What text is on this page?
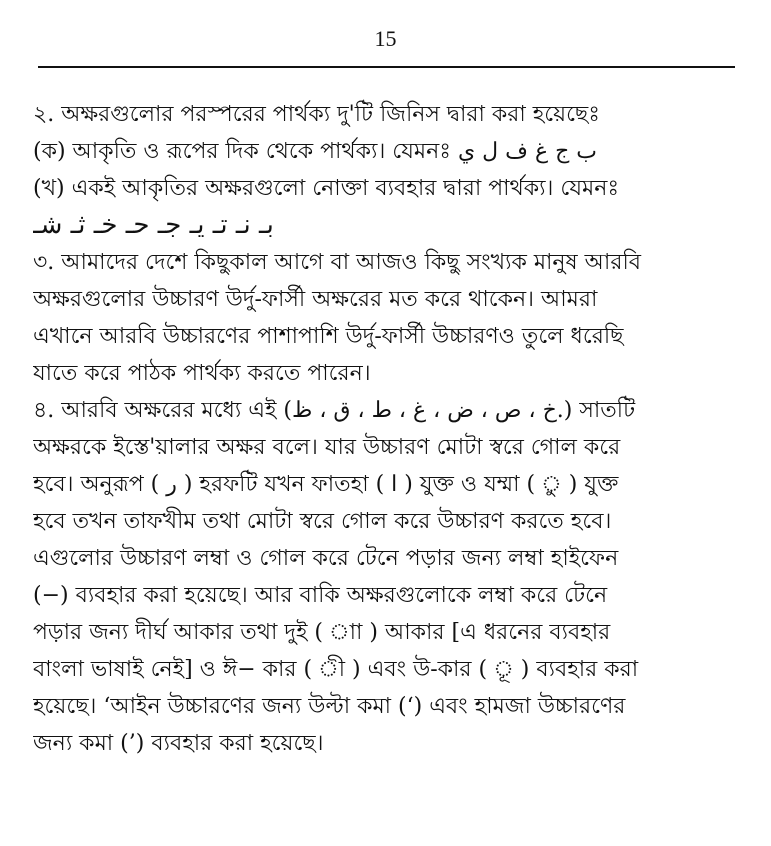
15
২. অক্ষরগুলোর পরস্পরের পার্থক্য দু'টি জিনিস দ্বারা করা হয়েছেঃ
(ক) আকৃতি ও রূপের দিক থেকে পার্থক্য। যেমনঃ ب ج غ ف ل ي
(খ) একই আকৃতির অক্ষরগুলো নোক্তা ব্যবহার দ্বারা পার্থক্য। যেমনঃ
بـ نـ تـ يـ جـ حـ خـ ثـ شـ
৩. আমাদের দেশে কিছুকাল আগে বা আজও কিছু সংখ্যক মানুষ আরবি
অক্ষরগুলোর উচ্চারণ উর্দু-ফার্সী অক্ষরের মত করে থাকেন। আমরা
এখানে আরবি উচ্চারণের পাশাপাশি উর্দু-ফার্সী উচ্চারণও তুলে ধরেছি
যাতে করে পাঠক পার্থক্য করতে পারেন।
৪. আরবি অক্ষরের মধ্যে এই (خ ، ص ، ض ، غ ، ط ، ق ، ظ.) সাতটি
অক্ষরকে ইস্তে'য়ালার অক্ষর বলে। যার উচ্চারণ মোটা স্বরে গোল করে
হবে। অনুরূপ ( ر ) হরফটি যখন ফাতহা ( ا ) যুক্ত ও যম্মা ( ু ) যুক্ত
হবে তখন তাফখীম তথা মোটা স্বরে গোল করে উচ্চারণ করতে হবে।
এগুলোর উচ্চারণ লম্বা ও গোল করে টেনে পড়ার জন্য লম্বা হাইফেন
(−) ব্যবহার করা হয়েছে। আর বাকি অক্ষরগুলোকে লম্বা করে টেনে
পড়ার জন্য দীর্ঘ আকার তথা দুই ( াা ) আকার [এ ধরনের ব্যবহার
বাংলা ভাষাই নেই] ও ঈ− কার ( ী ) এবং উ-কার ( ূ ) ব্যবহার করা
হয়েছে। ‘আইন উচ্চারণের জন্য উল্টা কমা (‘) এবং হামজা উচ্চারণের
জন্য কমা (’) ব্যবহার করা হয়েছে।
